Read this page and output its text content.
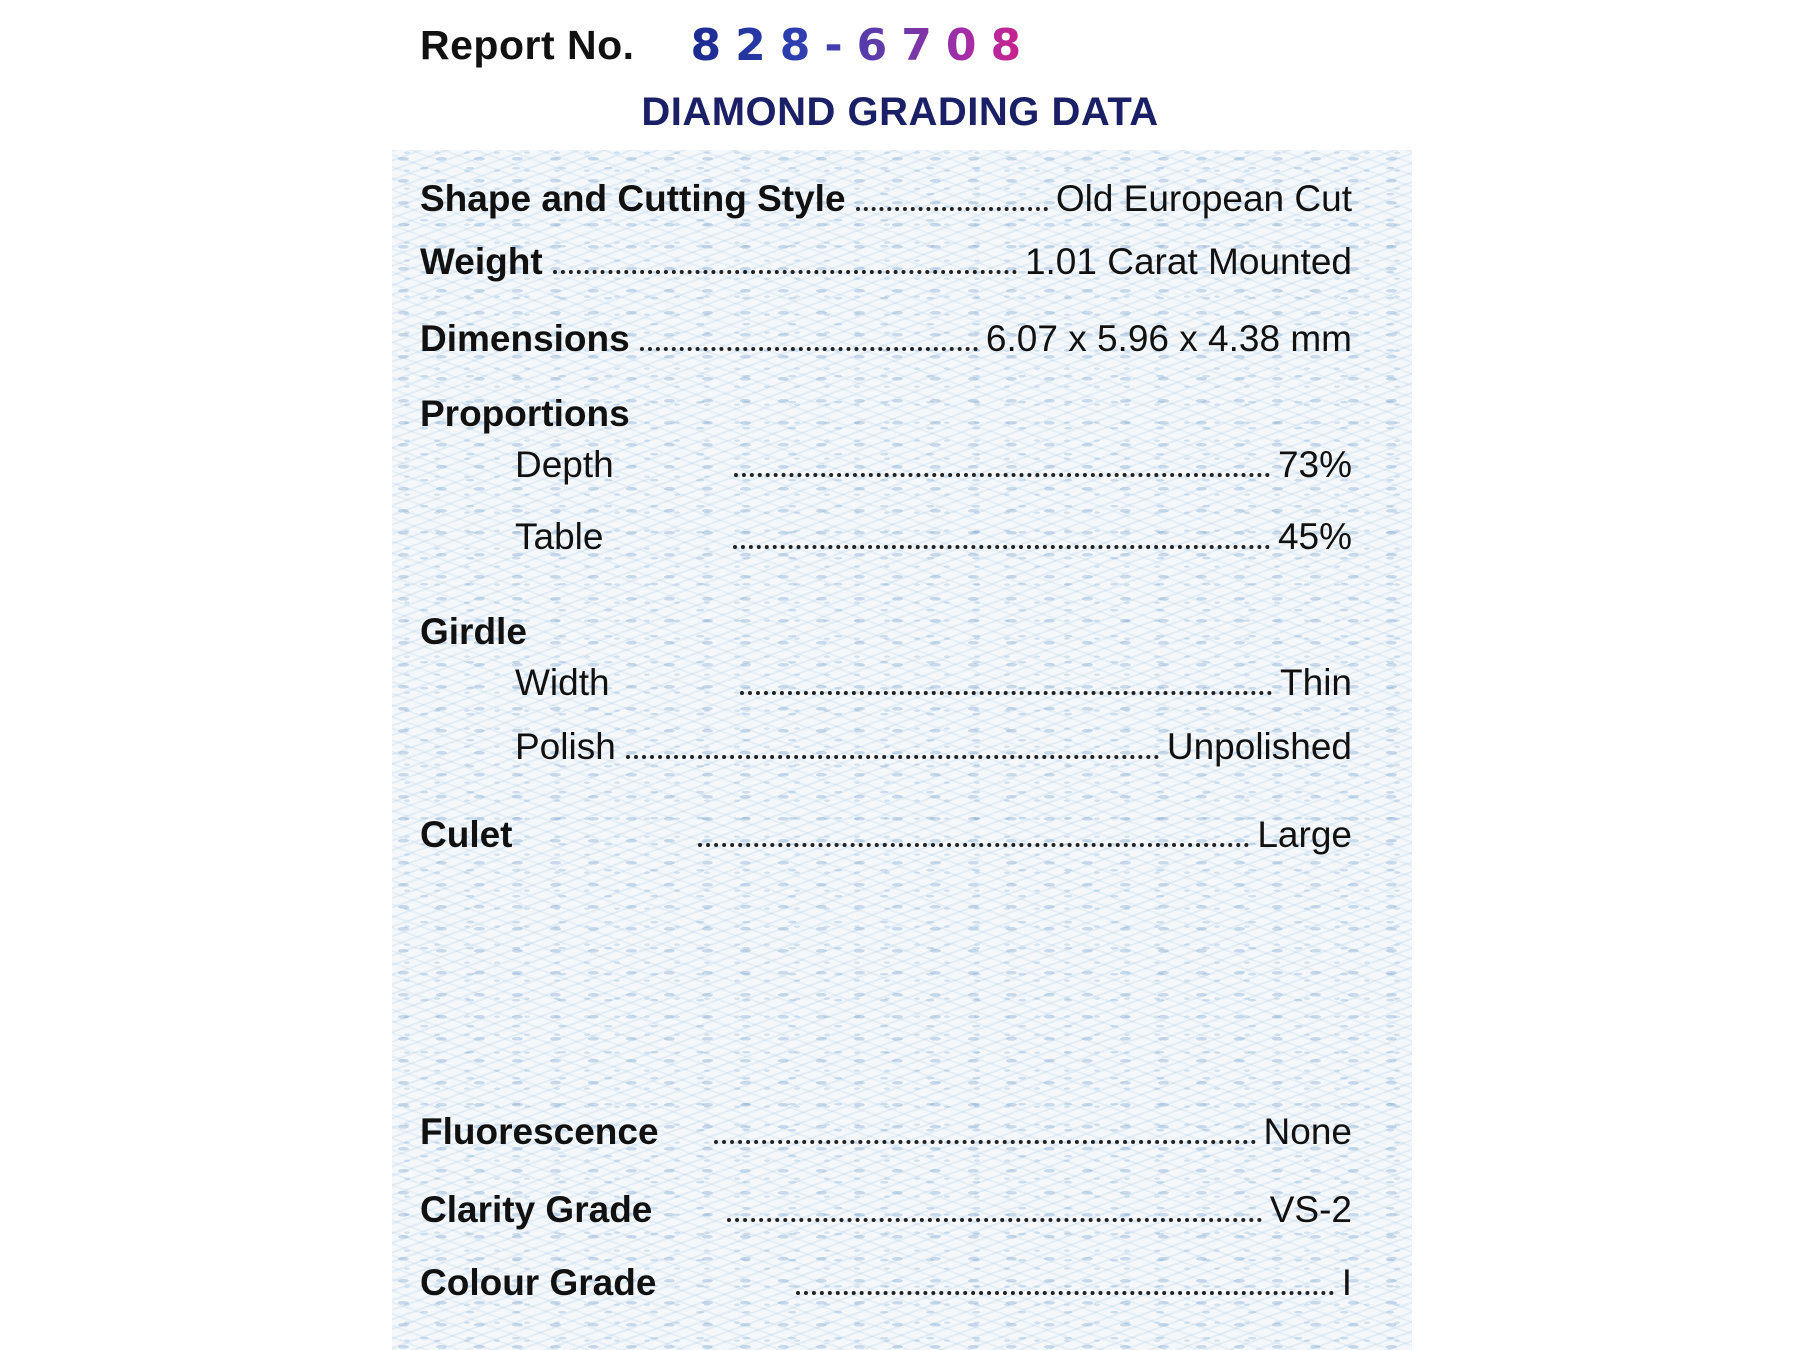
Report No. 828-6708
DIAMOND GRADING DATA
Shape and Cutting Style	Old European Cut
Weight	1.01 Carat Mounted
Dimensions	6.07 x 5.96 x 4.38 mm
Proportions
Depth	73%
Table	45%
Girdle
Width	Thin
Polish	Unpolished
Culet	Large
Fluorescence	None
Clarity Grade	VS-2
Colour Grade	I
